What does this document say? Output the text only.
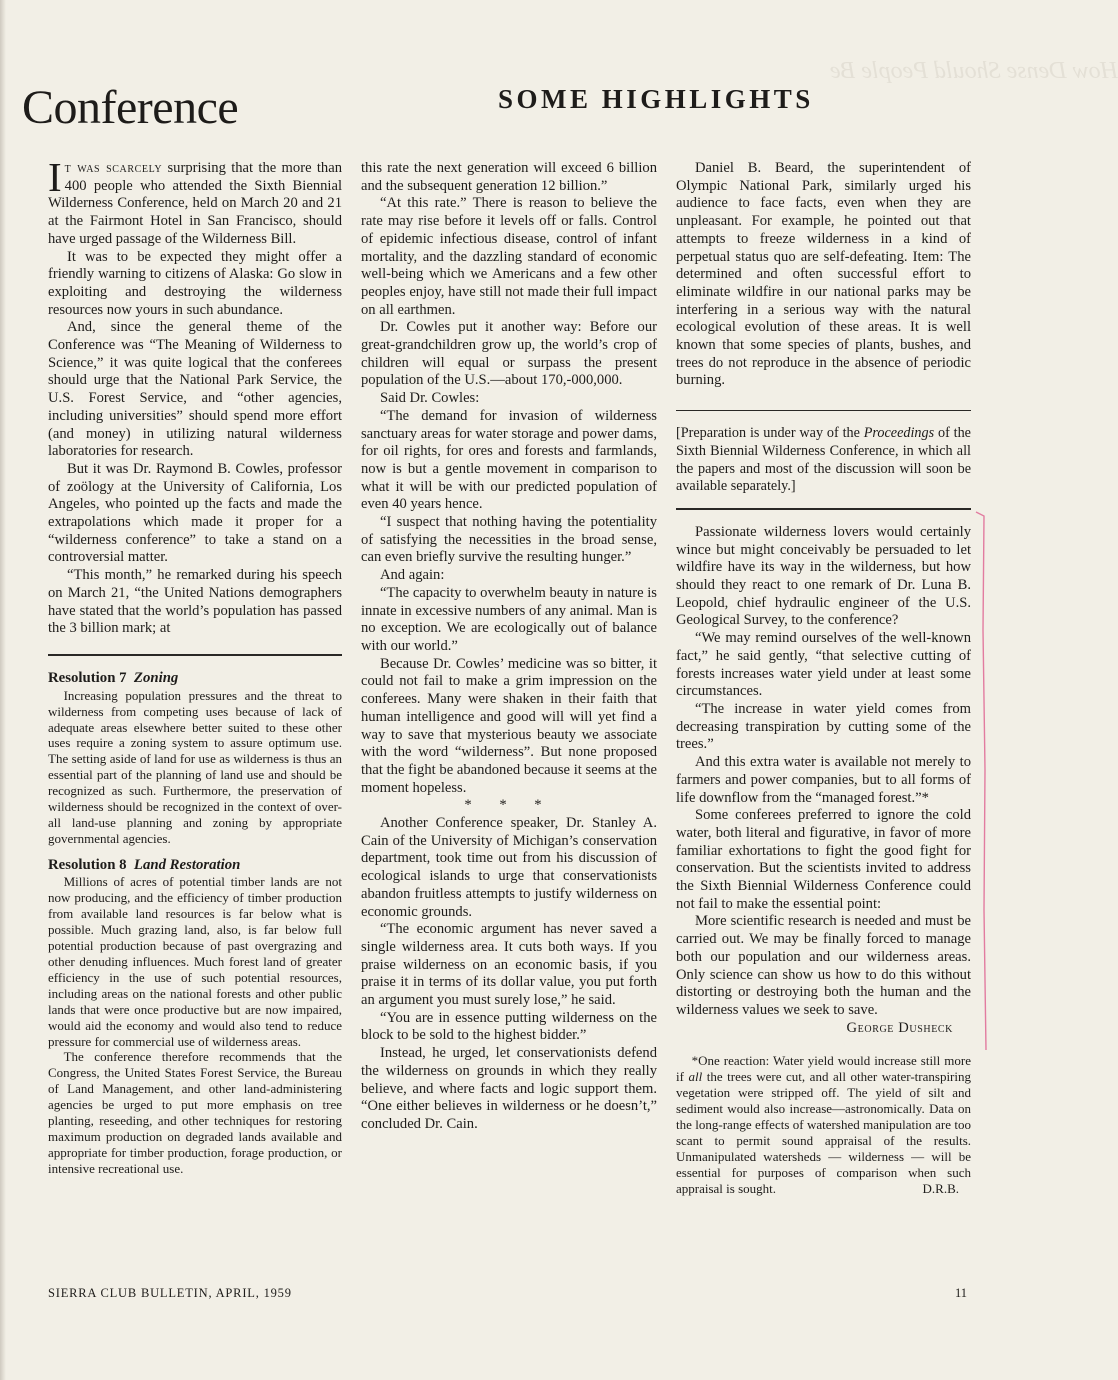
How Dense Should People Be
Conference	SOME HIGHLIGHTS

It was scarcely surprising that the more than 400 people who attended the Sixth Biennial Wilderness Conference, held on March 20 and 21 at the Fairmont Hotel in San Francisco, should have urged passage of the Wilderness Bill.

It was to be expected they might offer a friendly warning to citizens of Alaska: Go slow in exploiting and destroying the wilderness resources now yours in such abundance.

And, since the general theme of the Conference was “The Meaning of Wilderness to Science,” it was quite logical that the conferees should urge that the National Park Service, the U.S. Forest Service, and “other agencies, including universities” should spend more effort (and money) in utilizing natural wilderness laboratories for research.

But it was Dr. Raymond B. Cowles, professor of zoölogy at the University of California, Los Angeles, who pointed up the facts and made the extrapolations which made it proper for a “wilderness conference” to take a stand on a controversial matter.

“This month,” he remarked during his speech on March 21, “the United Nations demographers have stated that the world’s population has passed the 3 billion mark; at

Resolution 7 Zoning

Increasing population pressures and the threat to wilderness from competing uses because of lack of adequate areas elsewhere better suited to these other uses require a zoning system to assure optimum use. The setting aside of land for use as wilderness is thus an essential part of the planning of land use and should be recognized as such. Furthermore, the preservation of wilderness should be recognized in the context of over-all land-use planning and zoning by appropriate governmental agencies.

Resolution 8 Land Restoration

Millions of acres of potential timber lands are not now producing, and the efficiency of timber production from available land resources is far below what is possible. Much grazing land, also, is far below full potential production because of past overgrazing and other denuding influences. Much forest land of greater efficiency in the use of such potential resources, including areas on the national forests and other public lands that were once productive but are now impaired, would aid the economy and would also tend to reduce pressure for commercial use of wilderness areas.

The conference therefore recommends that the Congress, the United States Forest Service, the Bureau of Land Management, and other land-administering agencies be urged to put more emphasis on tree planting, reseeding, and other techniques for restoring maximum production on degraded lands available and appropriate for timber production, forage production, or intensive recreational use.

this rate the next generation will exceed 6 billion and the subsequent generation 12 billion.”

“At this rate.” There is reason to believe the rate may rise before it levels off or falls. Control of epidemic infectious disease, control of infant mortality, and the dazzling standard of economic well-being which we Americans and a few other peoples enjoy, have still not made their full impact on all earthmen.

Dr. Cowles put it another way: Before our great-grandchildren grow up, the world’s crop of children will equal or surpass the present population of the U.S.—about 170,-000,000.

Said Dr. Cowles:

“The demand for invasion of wilderness sanctuary areas for water storage and power dams, for oil rights, for ores and forests and farmlands, now is but a gentle movement in comparison to what it will be with our predicted population of even 40 years hence.

“I suspect that nothing having the potentiality of satisfying the necessities in the broad sense, can even briefly survive the resulting hunger.”

And again:

“The capacity to overwhelm beauty in nature is innate in excessive numbers of any animal. Man is no exception. We are ecologically out of balance with our world.”

Because Dr. Cowles’ medicine was so bitter, it could not fail to make a grim impression on the conferees. Many were shaken in their faith that human intelligence and good will will yet find a way to save that mysterious beauty we associate with the word “wilderness”. But none proposed that the fight be abandoned because it seems at the moment hopeless.

* * *

Another Conference speaker, Dr. Stanley A. Cain of the University of Michigan’s conservation department, took time out from his discussion of ecological islands to urge that conservationists abandon fruitless attempts to justify wilderness on economic grounds.

“The economic argument has never saved a single wilderness area. It cuts both ways. If you praise wilderness on an economic basis, if you praise it in terms of its dollar value, you put forth an argument you must surely lose,” he said.

“You are in essence putting wilderness on the block to be sold to the highest bidder.”

Instead, he urged, let conservationists defend the wilderness on grounds in which they really believe, and where facts and logic support them. “One either believes in wilderness or he doesn’t,” concluded Dr. Cain.

Daniel B. Beard, the superintendent of Olympic National Park, similarly urged his audience to face facts, even when they are unpleasant. For example, he pointed out that attempts to freeze wilderness in a kind of perpetual status quo are self-defeating. Item: The determined and often successful effort to eliminate wildfire in our national parks may be interfering in a serious way with the natural ecological evolution of these areas. It is well known that some species of plants, bushes, and trees do not reproduce in the absence of periodic burning.

[Preparation is under way of the Proceedings of the Sixth Biennial Wilderness Conference, in which all the papers and most of the discussion will soon be available separately.]

Passionate wilderness lovers would certainly wince but might conceivably be persuaded to let wildfire have its way in the wilderness, but how should they react to one remark of Dr. Luna B. Leopold, chief hydraulic engineer of the U.S. Geological Survey, to the conference?

“We may remind ourselves of the well-known fact,” he said gently, “that selective cutting of forests increases water yield under at least some circumstances.

“The increase in water yield comes from decreasing transpiration by cutting some of the trees.”

And this extra water is available not merely to farmers and power companies, but to all forms of life downflow from the “managed forest.”*

Some conferees preferred to ignore the cold water, both literal and figurative, in favor of more familiar exhortations to fight the good fight for conservation. But the scientists invited to address the Sixth Biennial Wilderness Conference could not fail to make the essential point:

More scientific research is needed and must be carried out. We may be finally forced to manage both our population and our wilderness areas. Only science can show us how to do this without distorting or destroying both the human and the wilderness values we seek to save.

George Dusheck

*One reaction: Water yield would increase still more if all the trees were cut, and all other water-transpiring vegetation were stripped off. The yield of silt and sediment would also increase—astronomically. Data on the long-range effects of watershed manipulation are too scant to permit sound appraisal of the results. Unmanipulated watersheds — wilderness — will be essential for purposes of comparison when such appraisal is sought.	D.R.B.

SIERRA CLUB BULLETIN, APRIL, 1959	11
